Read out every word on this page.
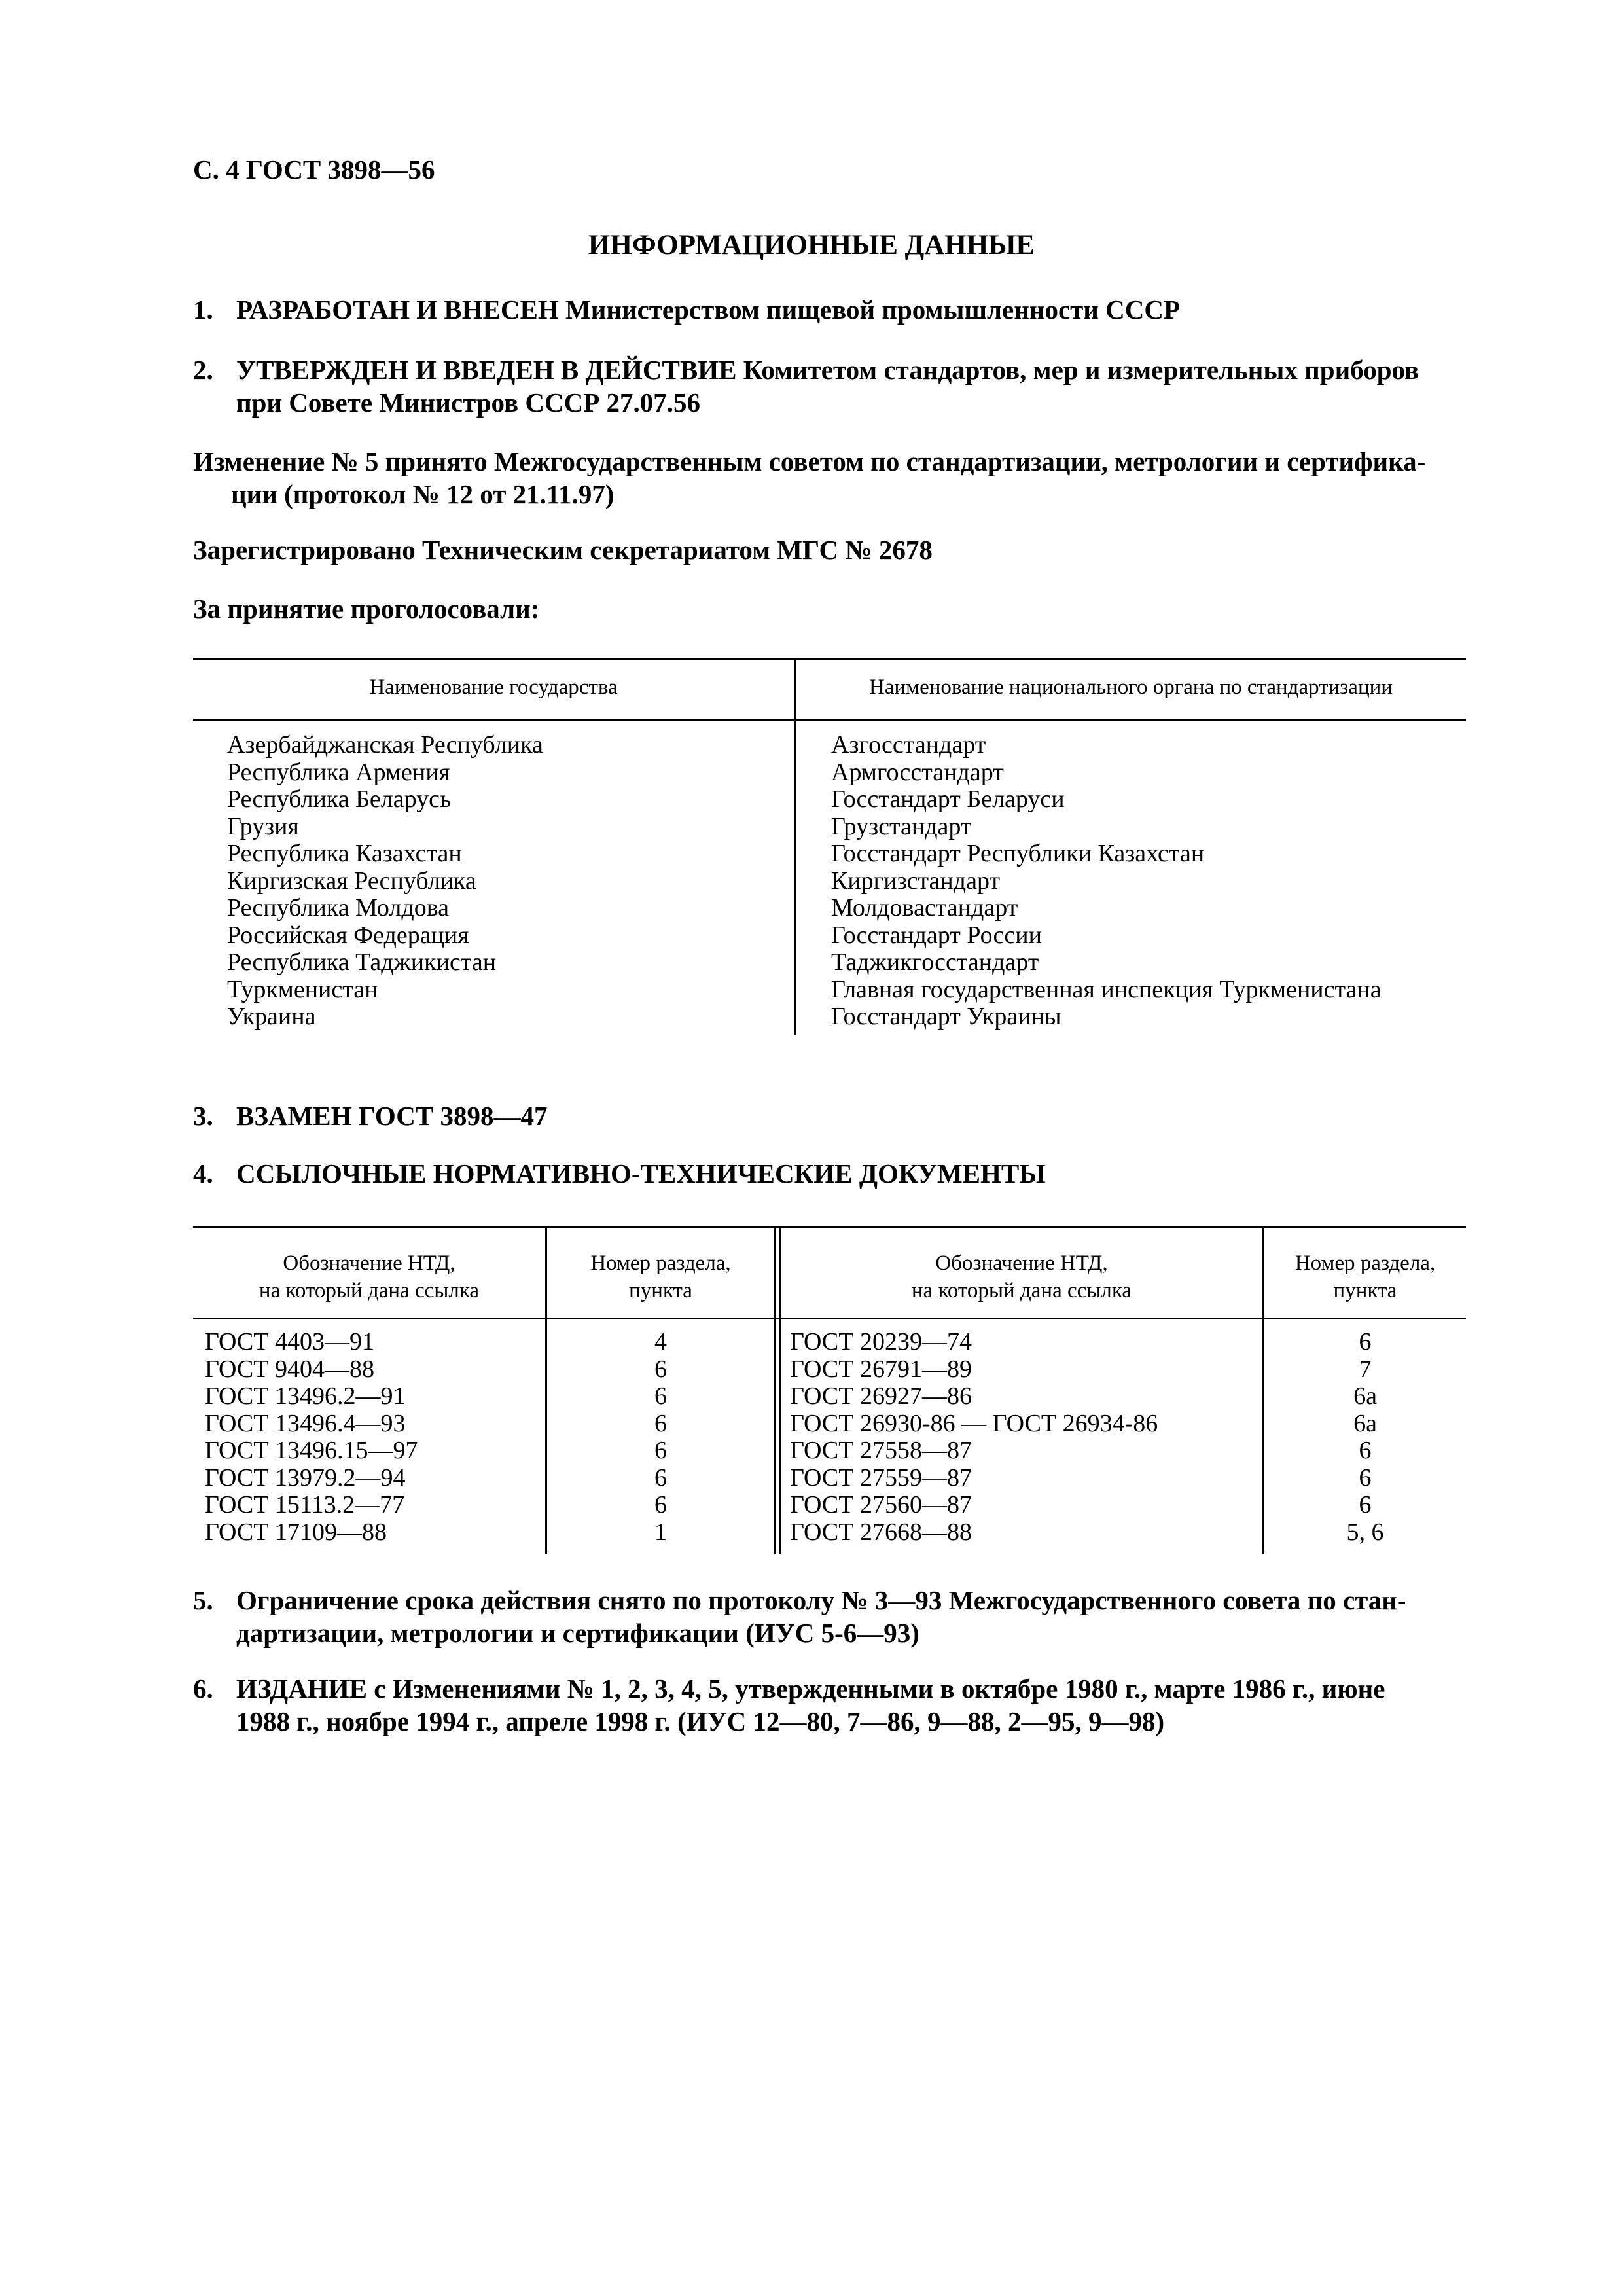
С. 4 ГОСТ 3898—56
ИНФОРМАЦИОННЫЕ ДАННЫЕ
1. РАЗРАБОТАН И ВНЕСЕН Министерством пищевой промышленности СССР
2. УТВЕРЖДЕН И ВВЕДЕН В ДЕЙСТВИЕ Комитетом стандартов, мер и измерительных приборов
при Совете Министров СССР 27.07.56
Изменение № 5 принято Межгосударственным советом по стандартизации, метрологии и сертифика-
ции (протокол № 12 от 21.11.97)
Зарегистрировано Техническим секретариатом МГС № 2678
За принятие проголосовали:
Наименование государства	Наименование национального органа по стандартизации
Азербайджанская Республика
Республика Армения
Республика Беларусь
Грузия
Республика Казахстан
Киргизская Республика
Республика Молдова
Российская Федерация
Республика Таджикистан
Туркменистан
Украина
Азгосстандарт
Армгосстандарт
Госстандарт Беларуси
Грузстандарт
Госстандарт Республики Казахстан
Киргизстандарт
Молдовастандарт
Госстандарт России
Таджикгосстандарт
Главная государственная инспекция Туркменистана
Госстандарт Украины
3. ВЗАМЕН ГОСТ 3898—47
4. ССЫЛОЧНЫЕ НОРМАТИВНО-ТЕХНИЧЕСКИЕ ДОКУМЕНТЫ
Обозначение НТД,
на который дана ссылка
Номер раздела,
пункта
Обозначение НТД,
на который дана ссылка
Номер раздела,
пункта
ГОСТ 4403—91
ГОСТ 9404—88
ГОСТ 13496.2—91
ГОСТ 13496.4—93
ГОСТ 13496.15—97
ГОСТ 13979.2—94
ГОСТ 15113.2—77
ГОСТ 17109—88
4
6
6
6
6
6
6
1
ГОСТ 20239—74
ГОСТ 26791—89
ГОСТ 26927—86
ГОСТ 26930-86 — ГОСТ 26934-86
ГОСТ 27558—87
ГОСТ 27559—87
ГОСТ 27560—87
ГОСТ 27668—88
6
7
6а
6а
6
6
6
5, 6
5. Ограничение срока действия снято по протоколу № 3—93 Межгосударственного совета по стан-
дартизации, метрологии и сертификации (ИУС 5-6—93)
6. ИЗДАНИЕ с Изменениями № 1, 2, 3, 4, 5, утвержденными в октябре 1980 г., марте 1986 г., июне
1988 г., ноябре 1994 г., апреле 1998 г. (ИУС 12—80, 7—86, 9—88, 2—95, 9—98)
